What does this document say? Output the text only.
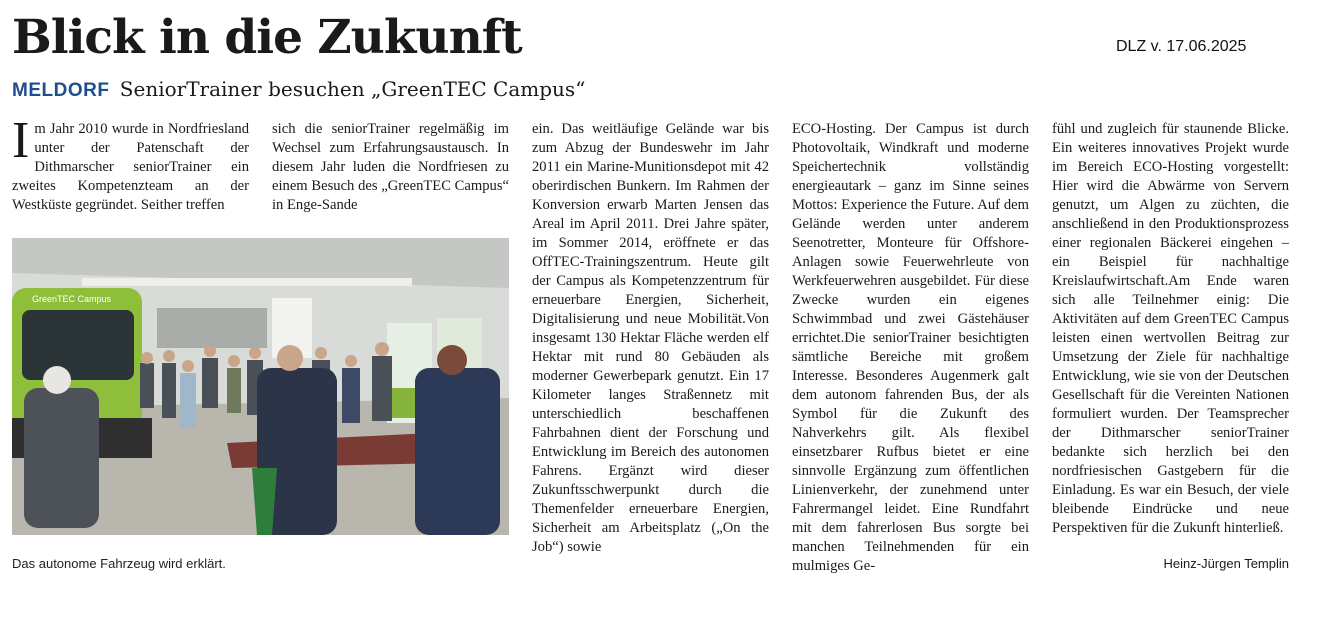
Blick in die Zukunft	DLZ v. 17.06.2025
MELDORF SeniorTrainer besuchen „GreenTEC Campus“
I m Jahr 2010 wurde in Nordfriesland unter der Patenschaft der Dithmarscher seniorTrainer ein zweites Kompetenzteam an der Westküste gegründet. Seither treffen

GreenTEC Campus
Das autonome Fahrzeug wird erklärt.

sich die seniorTrainer regelmäßig im Wechsel zum Erfahrungsaustausch. In diesem Jahr luden die Nordfriesen zu einem Besuch des „GreenTEC Campus“ in Enge-Sande

ein. Das weitläufige Gelände war bis zum Abzug der Bundeswehr im Jahr 2011 ein Marine-Munitionsdepot mit 42 oberirdischen Bunkern. Im Rahmen der Konversion erwarb Marten Jensen das Areal im April 2011. Drei Jahre später, im Sommer 2014, eröffnete er das OffTEC-Trainingszentrum. Heute gilt der Campus als Kompetenzzentrum für erneuerbare Energien, Sicherheit, Digitalisierung und neue Mobilität.Von insgesamt 130 Hektar Fläche werden elf Hektar mit rund 80 Gebäuden als moderner Gewerbepark genutzt. Ein 17 Kilometer langes Straßennetz mit unterschiedlich beschaffenen Fahrbahnen dient der Forschung und Entwicklung im Bereich des autonomen Fahrens. Ergänzt wird dieser Zukunftsschwerpunkt durch die Themenfelder erneuerbare Energien, Sicherheit am Arbeitsplatz („On the Job“) sowie

ECO-Hosting. Der Campus ist durch Photovoltaik, Windkraft und moderne Speichertechnik vollständig energieautark – ganz im Sinne seines Mottos: Experience the Future. Auf dem Gelände werden unter anderem Seenotretter, Monteure für Offshore-Anlagen sowie Feuerwehrleute von Werkfeuerwehren ausgebildet. Für diese Zwecke wurden ein eigenes Schwimmbad und zwei Gästehäuser errichtet.Die seniorTrainer besichtigten sämtliche Bereiche mit großem Interesse. Besonderes Augenmerk galt dem autonom fahrenden Bus, der als Symbol für die Zukunft des Nahverkehrs gilt. Als flexibel einsetzbarer Rufbus bietet er eine sinnvolle Ergänzung zum öffentlichen Linienverkehr, der zunehmend unter Fahrermangel leidet. Eine Rundfahrt mit dem fahrerlosen Bus sorgte bei manchen Teilnehmenden für ein mulmiges Ge-

fühl und zugleich für staunende Blicke. Ein weiteres innovatives Projekt wurde im Bereich ECO-Hosting vorgestellt: Hier wird die Abwärme von Servern genutzt, um Algen zu züchten, die anschließend in den Produktionsprozess einer regionalen Bäckerei eingehen – ein Beispiel für nachhaltige Kreislaufwirtschaft.Am Ende waren sich alle Teilnehmer einig: Die Aktivitäten auf dem GreenTEC Campus leisten einen wertvollen Beitrag zur Umsetzung der Ziele für nachhaltige Entwicklung, wie sie von der Deutschen Gesellschaft für die Vereinten Nationen formuliert wurden. Der Teamsprecher der Dithmarscher seniorTrainer bedankte sich herzlich bei den nordfriesischen Gastgebern für die Einladung. Es war ein Besuch, der viele bleibende Eindrücke und neue Perspektiven für die Zukunft hinterließ.

Heinz-Jürgen Templin
